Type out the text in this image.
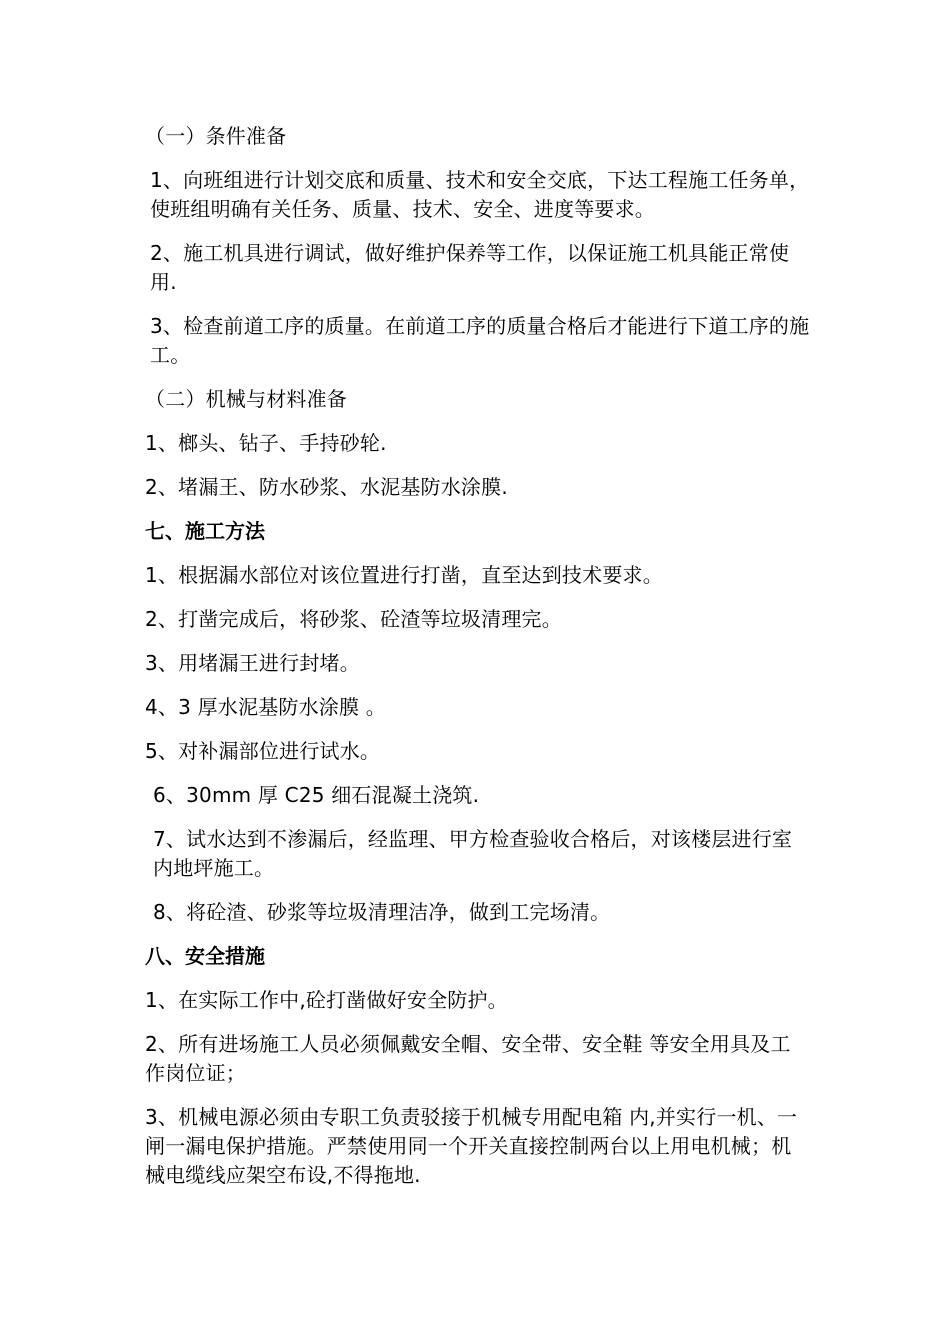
（一）条件准备

1、向班组进行计划交底和质量、技术和安全交底，下达工程施工任务单，使班组明确有关任务、质量、技术、安全、进度等要求。

2、施工机具进行调试，做好维护保养等工作，以保证施工机具能正常使用.

3、检查前道工序的质量。在前道工序的质量合格后才能进行下道工序的施工。

（二）机械与材料准备

1、榔头、钻子、手持砂轮.

2、堵漏王、防水砂浆、水泥基防水涂膜.

七、施工方法

1、根据漏水部位对该位置进行打凿，直至达到技术要求。

2、打凿完成后，将砂浆、砼渣等垃圾清理完。

3、用堵漏王进行封堵。

4、3 厚水泥基防水涂膜 。

5、对补漏部位进行试水。

6、30mm 厚 C25 细石混凝土浇筑.

7、试水达到不渗漏后，经监理、甲方检查验收合格后，对该楼层进行室内地坪施工。

8、将砼渣、砂浆等垃圾清理洁净，做到工完场清。

八、安全措施

1、在实际工作中,砼打凿做好安全防护。

2、所有进场施工人员必须佩戴安全帽、安全带、安全鞋 等安全用具及工作岗位证；

3、机械电源必须由专职工负责驳接于机械专用配电箱 内,并实行一机、一闸一漏电保护措施。严禁使用同一个开关直接控制两台以上用电机械；机械电缆线应架空布设,不得拖地.
